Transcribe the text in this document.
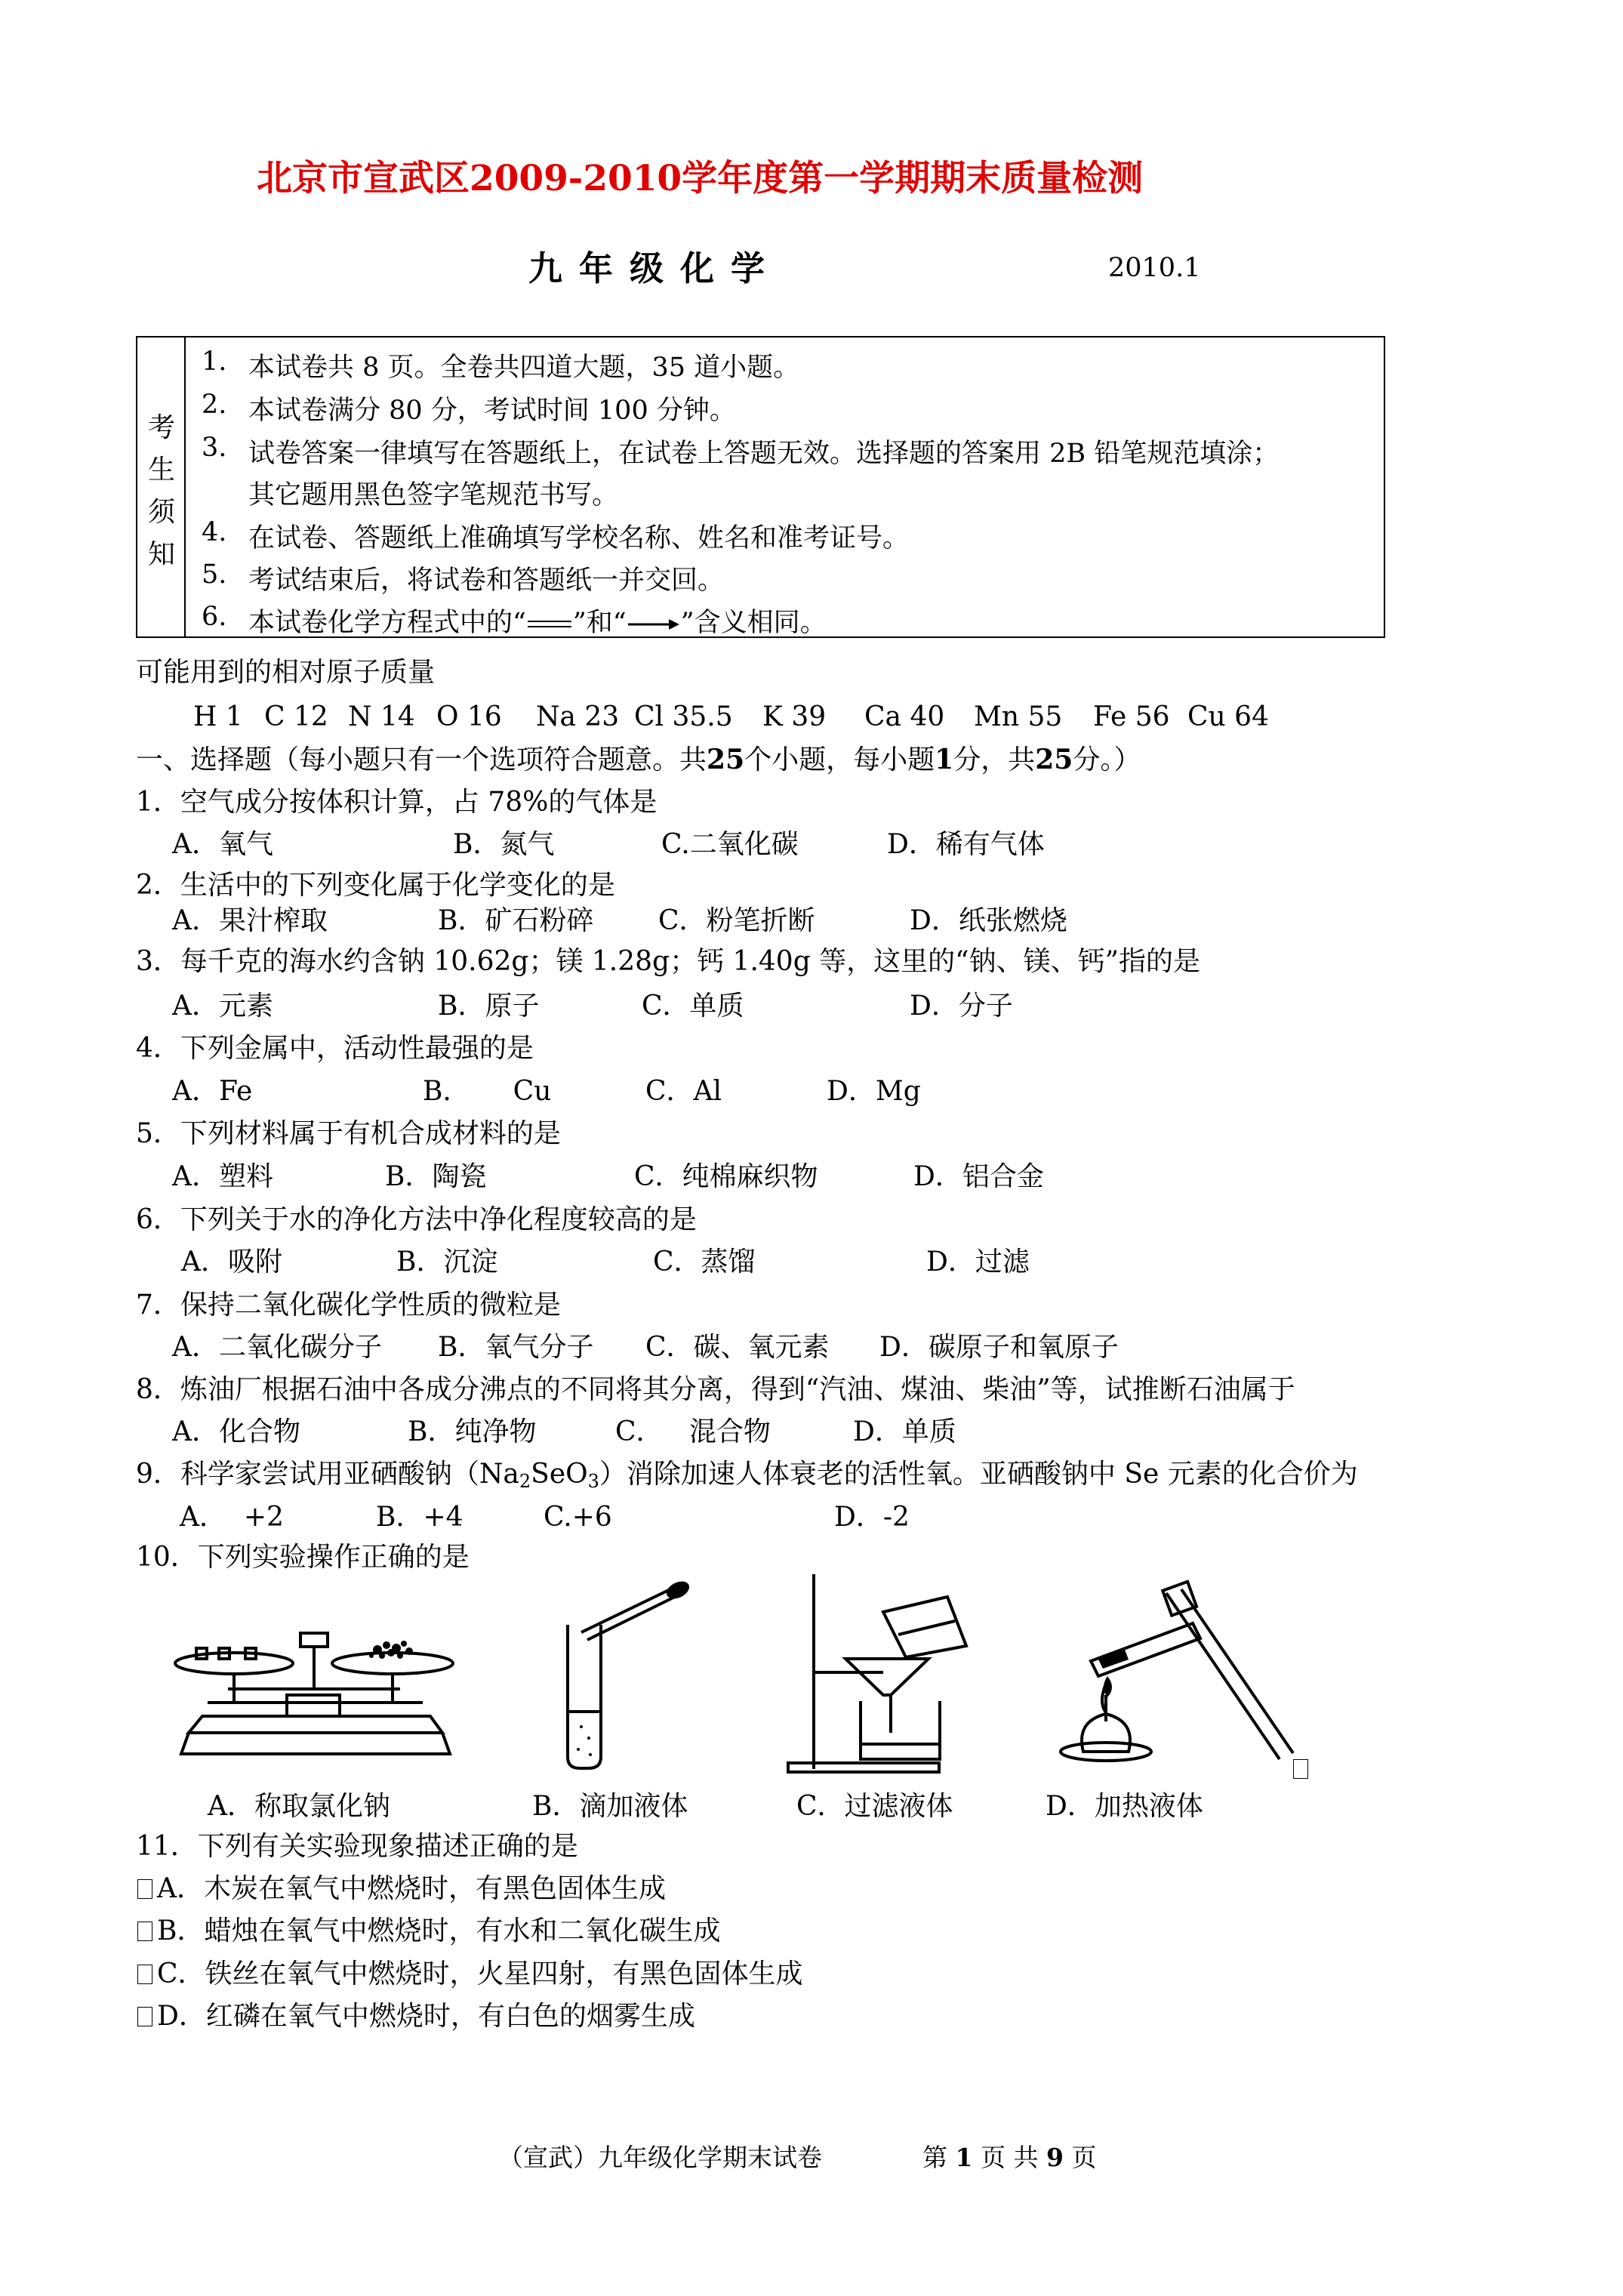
北京市宣武区2009-2010学年度第一学期期末质量检测
九年级化学	2010.1
考
生
须
知
1. 本试卷共 8 页。全卷共四道大题，35 道小题。
2. 本试卷满分 80 分，考试时间 100 分钟。
3. 试卷答案一律填写在答题纸上，在试卷上答题无效。选择题的答案用 2B 铅笔规范填涂；
其它题用黑色签字笔规范书写。
4. 在试卷、答题纸上准确填写学校名称、姓名和准考证号。
5. 考试结束后，将试卷和答题纸一并交回。
6. 本试卷化学方程式中的“ ”和“→”含义相同。
可能用到的相对原子质量
H 1 C 12 N 14 O 16 Na 23 Cl 35.5 K 39 Ca 40 Mn 55 Fe 56 Cu 64
一、选择题（每小题只有一个选项符合题意。共25个小题，每小题1分，共25分。）
1．空气成分按体积计算，占 78%的气体是
A．氧气	B．氮气	C.二氧化碳	D．稀有气体
2．生活中的下列变化属于化学变化的是
A．果汁榨取	B．矿石粉碎 C．粉笔折断	D．纸张燃烧
3．每千克的海水约含钠 10.62g；镁 1.28g；钙 1.40g 等，这里的“钠、镁、钙”指的是
A．元素	B．原子	C．单质	D．分子
4．下列金属中，活动性最强的是
A．Fe	B．     Cu	C．Al	D．Mg
5．下列材料属于有机合成材料的是
A．塑料	B．陶瓷	C．纯棉麻织物	D．铝合金
6．下列关于水的净化方法中净化程度较高的是
A．吸附	B．沉淀	C．蒸馏	D．过滤
7．保持二氧化碳化学性质的微粒是
A．二氧化碳分子 B．氧气分子 C．碳、氧元素 D．碳原子和氧原子
8．炼油厂根据石油中各成分沸点的不同将其分离，得到“汽油、煤油、柴油”等，试推断石油属于
A．化合物	B．纯净物	C．   混合物	D．单质
9．科学家尝试用亚硒酸钠$(Na_2SeO_3)$消除加速人体衰老的活性氧。亚硒酸钠中 Se 元素的化合价为
A．  +2	B．+4	C.+6	D．-2
10．下列实验操作正确的是
A．称取氯化钠	B．滴加液体	C．过滤液体	D．加热液体
11．下列有关实验现象描述正确的是
A．木炭在氧气中燃烧时，有黑色固体生成
B．蜡烛在氧气中燃烧时，有水和二氧化碳生成
C．铁丝在氧气中燃烧时，火星四射，有黑色固体生成
D．红磷在氧气中燃烧时，有白色的烟雾生成
（宣武）九年级化学期末试卷	第 1 页 共 9 页
